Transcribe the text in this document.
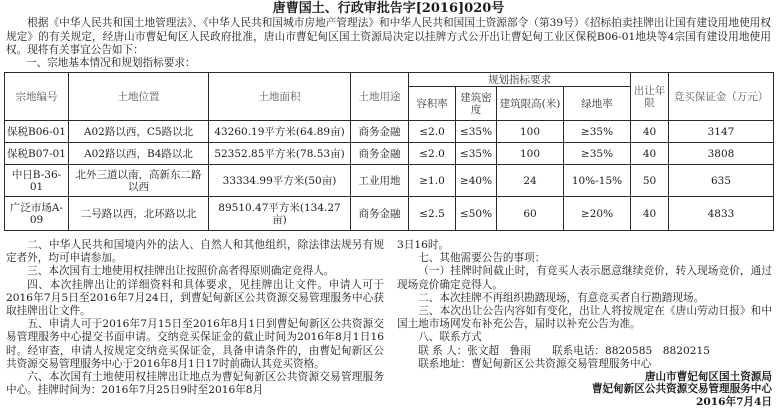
唐曹国土、行政审批告字[2016]020号
根据《中华人民共和国土地管理法》、《中华人民共和国城市房地产管理法》和中华人民共和国国土资源部令（第39号）《招标拍卖挂牌出让国有建设用地使用权规定》的有关规定，经唐山市曹妃甸区人民政府批准，唐山市曹妃甸区国土资源局决定以挂牌方式公开出让曹妃甸工业区保税B06-01地块等4宗国有建设用地使用权。现将有关事宜公告如下：
一、宗地基本情况和规划指标要求：
宗地编号	土地位置	土地面积	土地用途	规划指标要求				出让年限	竞买保证金（万元）
				容积率	建筑密度	建筑限高(米)	绿地率		
保税B06-01	A02路以西，C5路以北	43260.19平方米(64.89亩)	商务金融	≤2.0	≤35%	100	≥35%	40	3147
保税B07-01	A02路以西，B4路以北	52352.85平方米(78.53亩)	商务金融	≤2.0	≤35%	100	≥35%	40	3808
中日B-36-01	北外三道以南，高新东二路以西	33334.99平方米(50亩)	工业用地	≥1.0	≥40%	24	10%-15%	50	635
广泛市场A-09	二号路以西，北环路以北	89510.47平方米(134.27亩)	商务金融	≤2.5	≤50%	60	≥20%	40	4833

二、中华人民共和国境内外的法人、自然人和其他组织，除法律法规另有规定者外，均可申请参加。

三、本次国有土地使用权挂牌出让按照价高者得原则确定竞得人。

四、本次挂牌出让的详细资料和具体要求，见挂牌出让文件。申请人可于2016年7月5日至2016年7月24日，到曹妃甸新区公共资源交易管理服务中心获取挂牌出让文件。

五、申请人可于2016年7月15日至2016年8月1日到曹妃甸新区公共资源交易管理服务中心提交书面申请。交纳竞买保证金的截止时间为2016年8月1日16时。经审查，申请人按规定交纳竞买保证金，具备申请条件的，由曹妃甸新区公共资源交易管理服务中心于2016年8月1日17时前确认其竞买资格。

六、本次国有土地使用权挂牌出让地点为曹妃甸新区公共资源交易管理服务中心。挂牌时间为：2016年7月25日9时至2016年8月

3日16时。

七、其他需要公告的事项：

（一）挂牌时间截止时，有竞买人表示愿意继续竞价，转入现场竞价，通过现场竞价确定竞得人。

二、本次挂牌不再组织勘踏现场，有意竞买者自行勘踏现场。

三、本次出让公告内容如有变化，出让人将按规定在《唐山劳动日报》和中国土地市场网发布补充公告，届时以补充公告为准。

八、联系方式

联 系 人：张文超　鲁雨　　联系电话：8820585　8820215

联系地址：曹妃甸新区公共资源交易管理服务中心

唐山市曹妃甸区国土资源局

曹妃甸新区公共资源交易管理服务中心

2016年7月4日
